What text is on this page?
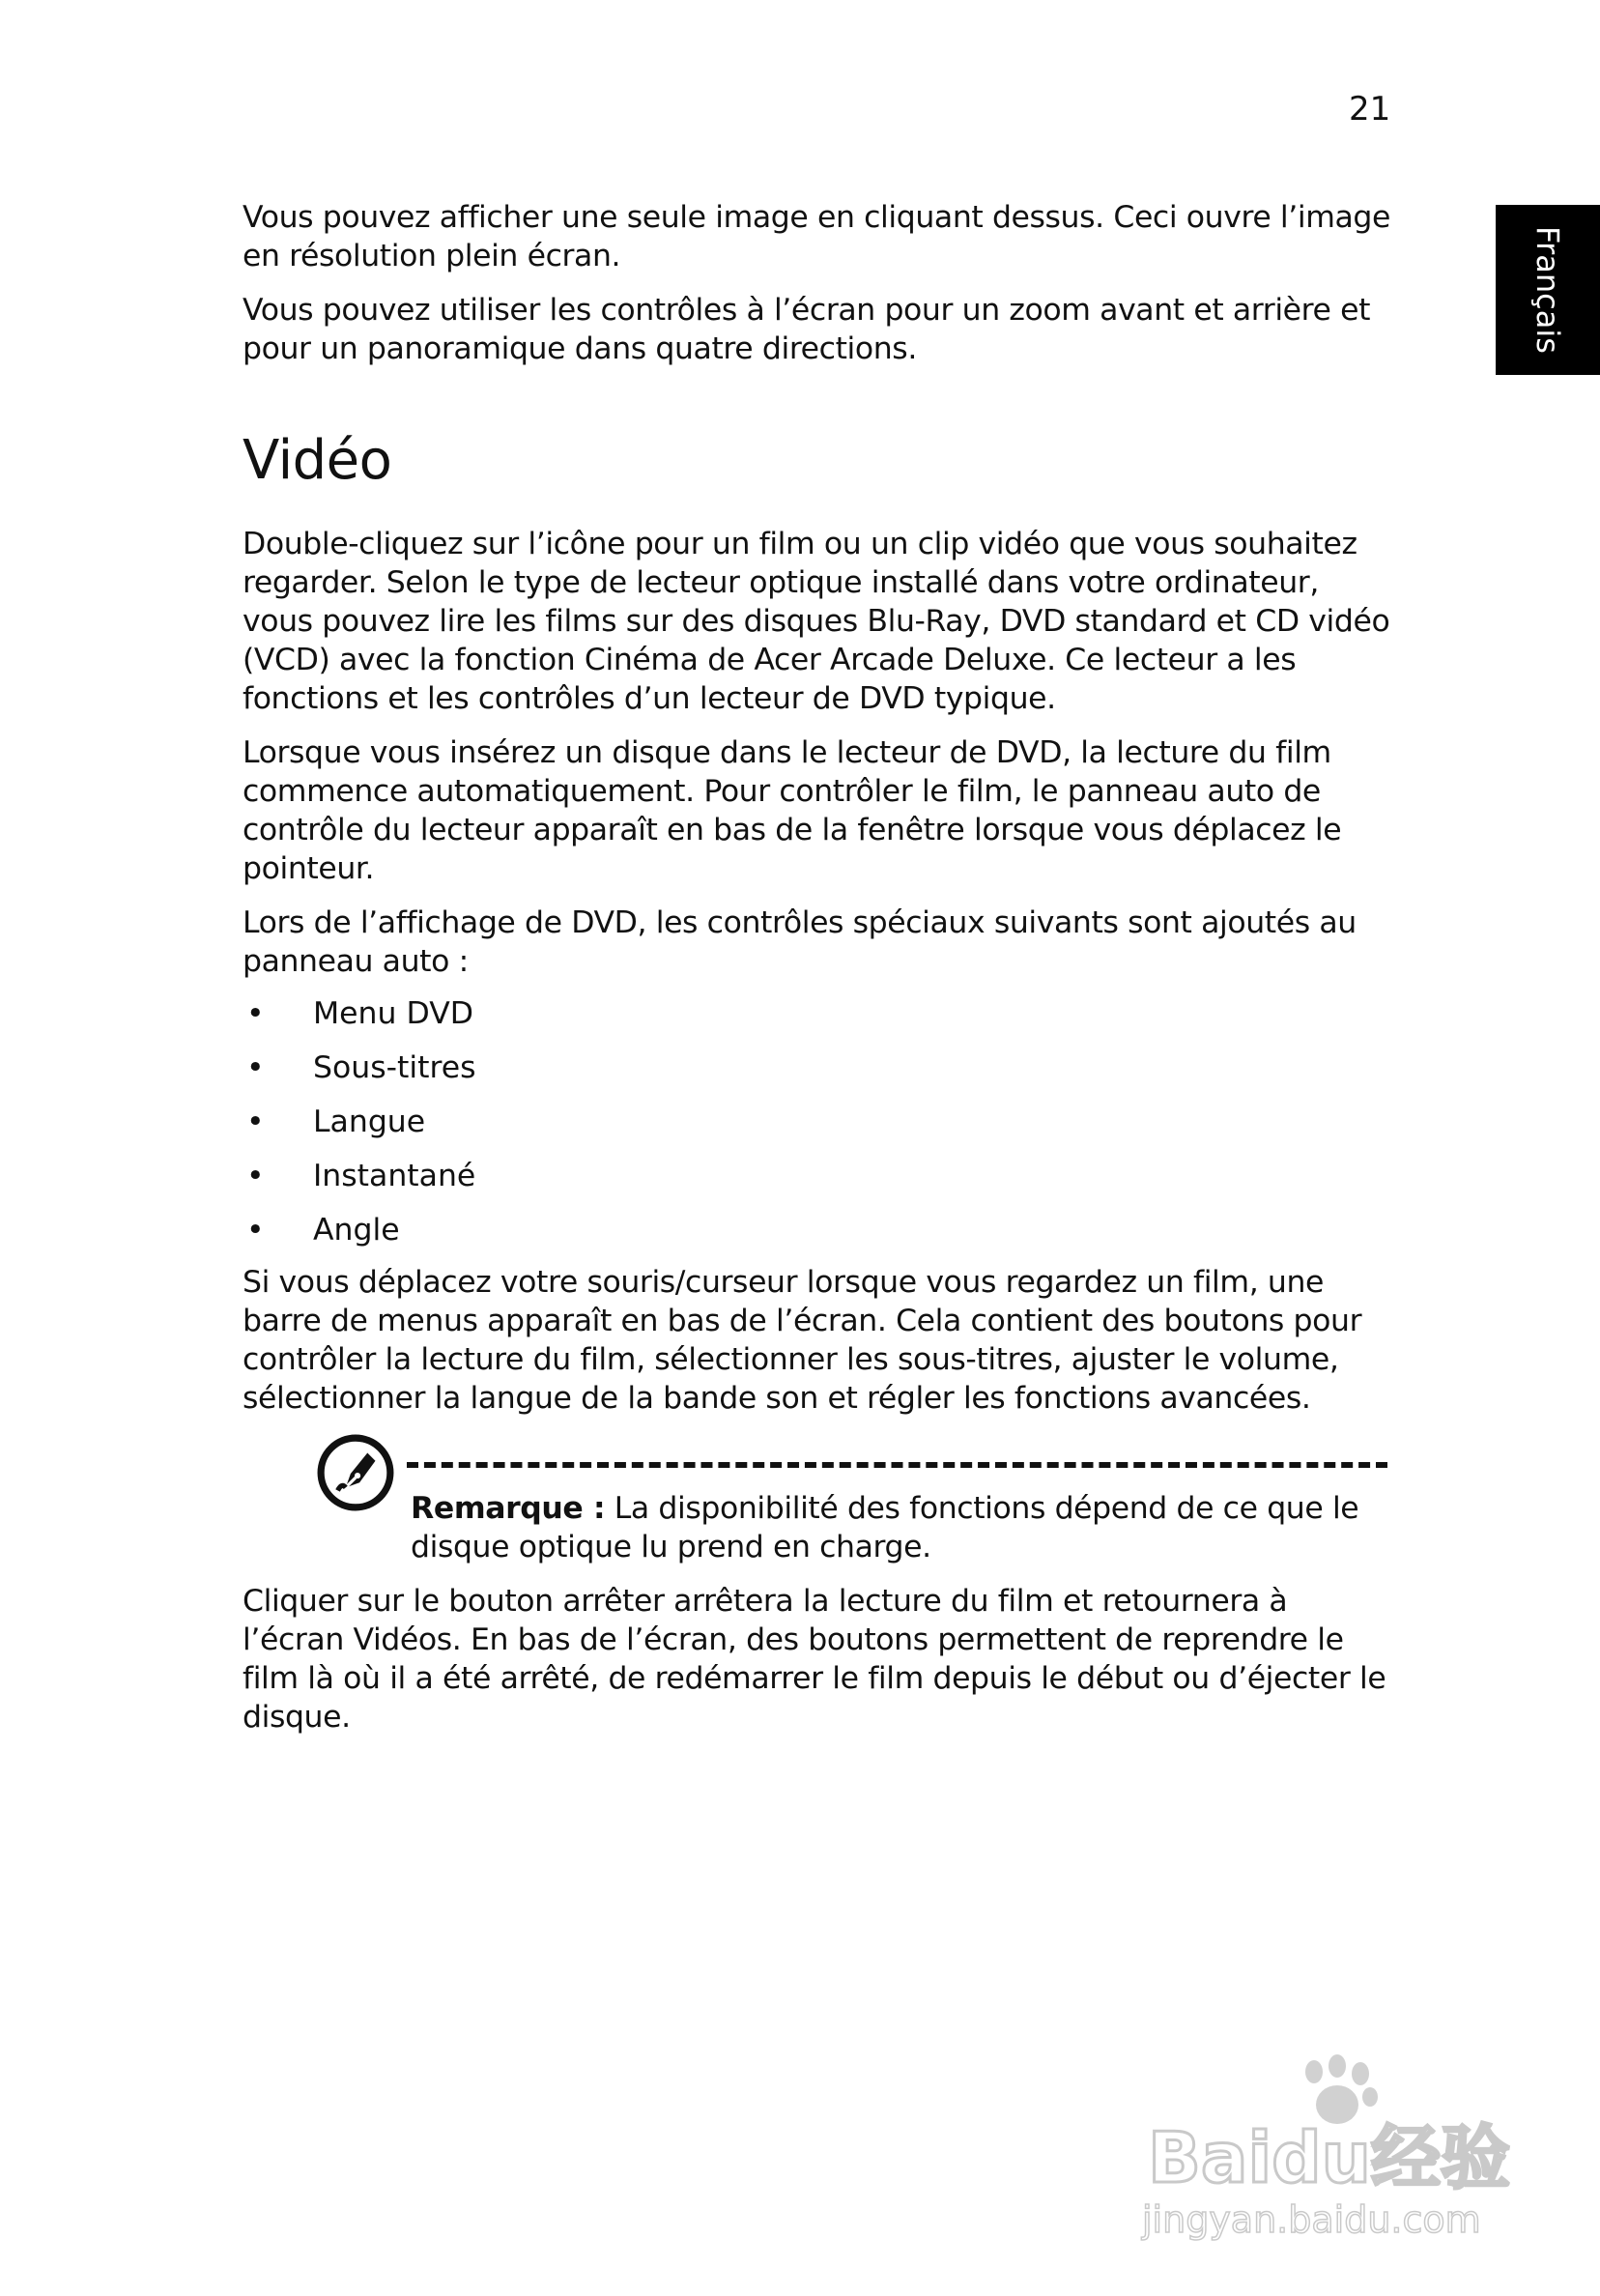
21
Français

Vous pouvez afficher une seule image en cliquant dessus. Ceci ouvre l’image en résolution plein écran.

Vous pouvez utiliser les contrôles à l’écran pour un zoom avant et arrière et pour un panoramique dans quatre directions.

Vidéo

Double-cliquez sur l’icône pour un film ou un clip vidéo que vous souhaitez regarder. Selon le type de lecteur optique installé dans votre ordinateur, vous pouvez lire les films sur des disques Blu-Ray, DVD standard et CD vidéo (VCD) avec la fonction Cinéma de Acer Arcade Deluxe. Ce lecteur a les fonctions et les contrôles d’un lecteur de DVD typique.

Lorsque vous insérez un disque dans le lecteur de DVD, la lecture du film commence automatiquement. Pour contrôler le film, le panneau auto de contrôle du lecteur apparaît en bas de la fenêtre lorsque vous déplacez le pointeur.

Lors de l’affichage de DVD, les contrôles spéciaux suivants sont ajoutés au panneau auto :

• Menu DVD
• Sous-titres
• Langue
• Instantané
• Angle

Si vous déplacez votre souris/curseur lorsque vous regardez un film, une barre de menus apparaît en bas de l’écran. Cela contient des boutons pour contrôler la lecture du film, sélectionner les sous-titres, ajuster le volume, sélectionner la langue de la bande son et régler les fonctions avancées.

Remarque : La disponibilité des fonctions dépend de ce que le disque optique lu prend en charge.

Cliquer sur le bouton arrêter arrêtera la lecture du film et retournera à l’écran Vidéos. En bas de l’écran, des boutons permettent de reprendre le film là où il a été arrêté, de redémarrer le film depuis le début ou d’éjecter le disque.

Baidu经验
jingyan.baidu.com
